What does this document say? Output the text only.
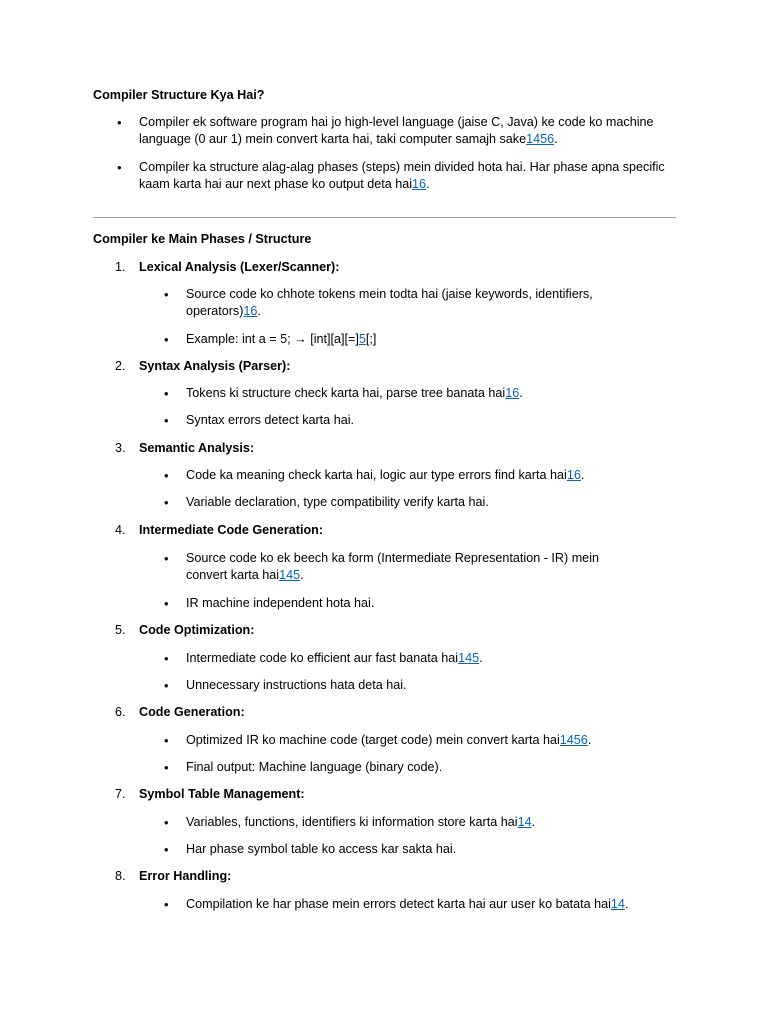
Compiler Structure Kya Hai?
• Compiler ek software program hai jo high-level language (jaise C, Java) ke code ko machine language (0 aur 1) mein convert karta hai, taki computer samajh sake1456.
• Compiler ka structure alag-alag phases (steps) mein divided hota hai. Har phase apna specific kaam karta hai aur next phase ko output deta hai16.
Compiler ke Main Phases / Structure
1. Lexical Analysis (Lexer/Scanner):
• Source code ko chhote tokens mein todta hai (jaise keywords, identifiers, operators)16.
• Example: int a = 5; → [int][a][=]5[;]
2. Syntax Analysis (Parser):
• Tokens ki structure check karta hai, parse tree banata hai16.
• Syntax errors detect karta hai.
3. Semantic Analysis:
• Code ka meaning check karta hai, logic aur type errors find karta hai16.
• Variable declaration, type compatibility verify karta hai.
4. Intermediate Code Generation:
• Source code ko ek beech ka form (Intermediate Representation - IR) mein convert karta hai145.
• IR machine independent hota hai.
5. Code Optimization:
• Intermediate code ko efficient aur fast banata hai145.
• Unnecessary instructions hata deta hai.
6. Code Generation:
• Optimized IR ko machine code (target code) mein convert karta hai1456.
• Final output: Machine language (binary code).
7. Symbol Table Management:
• Variables, functions, identifiers ki information store karta hai14.
• Har phase symbol table ko access kar sakta hai.
8. Error Handling:
• Compilation ke har phase mein errors detect karta hai aur user ko batata hai14.
